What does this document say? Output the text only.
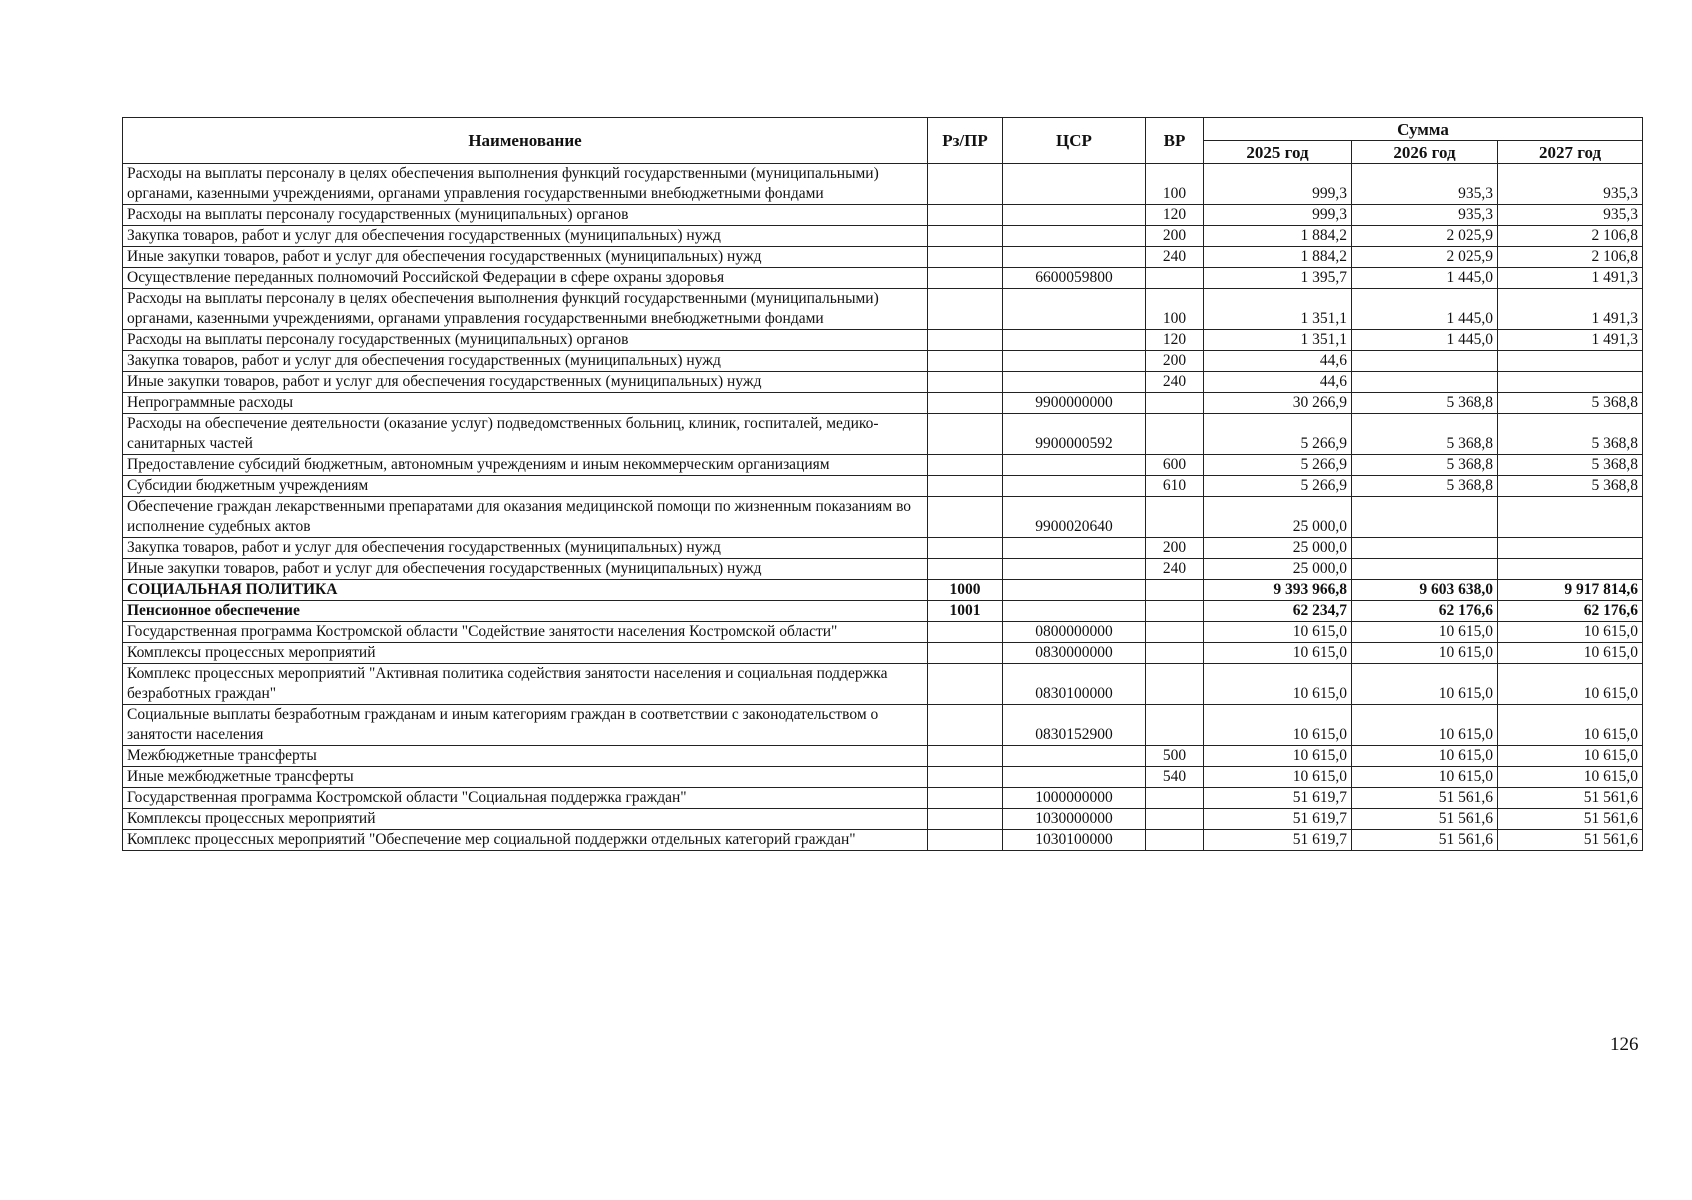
Наименование	Рз/ПР	ЦСР	ВР	Сумма		
				2025 год	2026 год	2027 год
Расходы на выплаты персоналу в целях обеспечения выполнения функций государственными (муниципальными) органами, казенными учреждениями, органами управления государственными внебюджетными фондами			100	999,3	935,3	935,3
Расходы на выплаты персоналу государственных (муниципальных) органов			120	999,3	935,3	935,3
Закупка товаров, работ и услуг для обеспечения государственных (муниципальных) нужд			200	1 884,2	2 025,9	2 106,8
Иные закупки товаров, работ и услуг для обеспечения государственных (муниципальных) нужд			240	1 884,2	2 025,9	2 106,8
Осуществление переданных полномочий Российской Федерации в сфере охраны здоровья		6600059800		1 395,7	1 445,0	1 491,3
Расходы на выплаты персоналу в целях обеспечения выполнения функций государственными (муниципальными) органами, казенными учреждениями, органами управления государственными внебюджетными фондами			100	1 351,1	1 445,0	1 491,3
Расходы на выплаты персоналу государственных (муниципальных) органов			120	1 351,1	1 445,0	1 491,3
Закупка товаров, работ и услуг для обеспечения государственных (муниципальных) нужд			200	44,6		
Иные закупки товаров, работ и услуг для обеспечения государственных (муниципальных) нужд			240	44,6		
Непрограммные расходы		9900000000		30 266,9	5 368,8	5 368,8
Расходы на обеспечение деятельности (оказание услуг) подведомственных больниц, клиник, госпиталей, медико-санитарных частей		9900000592		5 266,9	5 368,8	5 368,8
Предоставление субсидий бюджетным, автономным учреждениям и иным некоммерческим организациям			600	5 266,9	5 368,8	5 368,8
Субсидии бюджетным учреждениям			610	5 266,9	5 368,8	5 368,8
Обеспечение граждан лекарственными препаратами для оказания медицинской помощи по жизненным показаниям во исполнение судебных актов		9900020640		25 000,0		
Закупка товаров, работ и услуг для обеспечения государственных (муниципальных) нужд			200	25 000,0		
Иные закупки товаров, работ и услуг для обеспечения государственных (муниципальных) нужд			240	25 000,0		
СОЦИАЛЬНАЯ ПОЛИТИКА	1000			9 393 966,8	9 603 638,0	9 917 814,6
Пенсионное обеспечение	1001			62 234,7	62 176,6	62 176,6
Государственная программа Костромской области "Содействие занятости населения Костромской области"		0800000000		10 615,0	10 615,0	10 615,0
Комплексы процессных мероприятий		0830000000		10 615,0	10 615,0	10 615,0
Комплекс процессных мероприятий "Активная политика содействия занятости населения и социальная поддержка безработных граждан"		0830100000		10 615,0	10 615,0	10 615,0
Социальные выплаты безработным гражданам и иным категориям граждан в соответствии с законодательством о занятости населения		0830152900		10 615,0	10 615,0	10 615,0
Межбюджетные трансферты			500	10 615,0	10 615,0	10 615,0
Иные межбюджетные трансферты			540	10 615,0	10 615,0	10 615,0
Государственная программа Костромской области "Социальная поддержка граждан"		1000000000		51 619,7	51 561,6	51 561,6
Комплексы процессных мероприятий		1030000000		51 619,7	51 561,6	51 561,6
Комплекс процессных мероприятий "Обеспечение мер социальной поддержки отдельных категорий граждан"		1030100000		51 619,7	51 561,6	51 561,6
126
